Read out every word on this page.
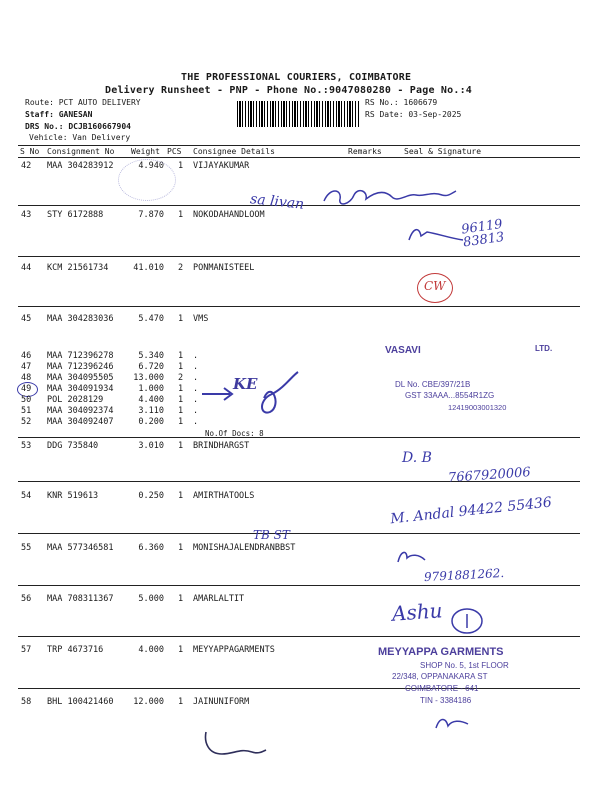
THE PROFESSIONAL COURIERS, COIMBATORE
Delivery Runsheet - PNP - Phone No.:9047080280 - Page No.:4
Route: PCT AUTO DELIVERY
Staff: GANESAN
DRS No.: DCJB160667904
Vehicle: Van Delivery
RS No.: 1606679
RS Date: 03-Sep-2025
S No Consignment No Weight PCS Consignee Details	Remarks	Seal & Signature
42 MAA 304283912	4.940 1 VIJAYAKUMAR
43 STY 6172888	7.870 1 NOKODAHANDLOOM
44 KCM 21561734	41.010 2 PONMANISTEEL
45 MAA 304283036	5.470 1 VMS
46 MAA 712396278	5.340 1 .
47 MAA 712396246	6.720 1 .
48 MAA 304095505 13.000 2 .
49 MAA 304091934	1.000 1 .
50 POL 2028129	4.400 1 .
51 MAA 304092374	3.110 1 .
52 MAA 304092407	0.200 1 .
No.Of Docs: 8
53 DDG 735840	3.010 1 BRINDHARGST
54 KNR 519613	0.250 1 AMIRTHATOOLS
55 MAA 577346581	6.360 1 MONISHAJALENDRANBBST
56 MAA 708311367	5.000 1 AMARLALTIT
57 TRP 4673716	4.000 1 MEYYAPPAGARMENTS
58 BHL 100421460 12.000 1 JAINUNIFORM
sa livan
96119 83813
CW
KE
D. B
7667920006
M. Andal 94422 55436
TB ST
9791881262.
Ashu
VASAVI	LTD.
DL No. CBE/397/21B
GST 33AAA...8554R1ZG
12419003001320
MEYYAPPA GARMENTS
SHOP No. 5, 1st FLOOR
22/348, OPPANAKARA ST
COIMBATORE - 641
TIN - 3384186
